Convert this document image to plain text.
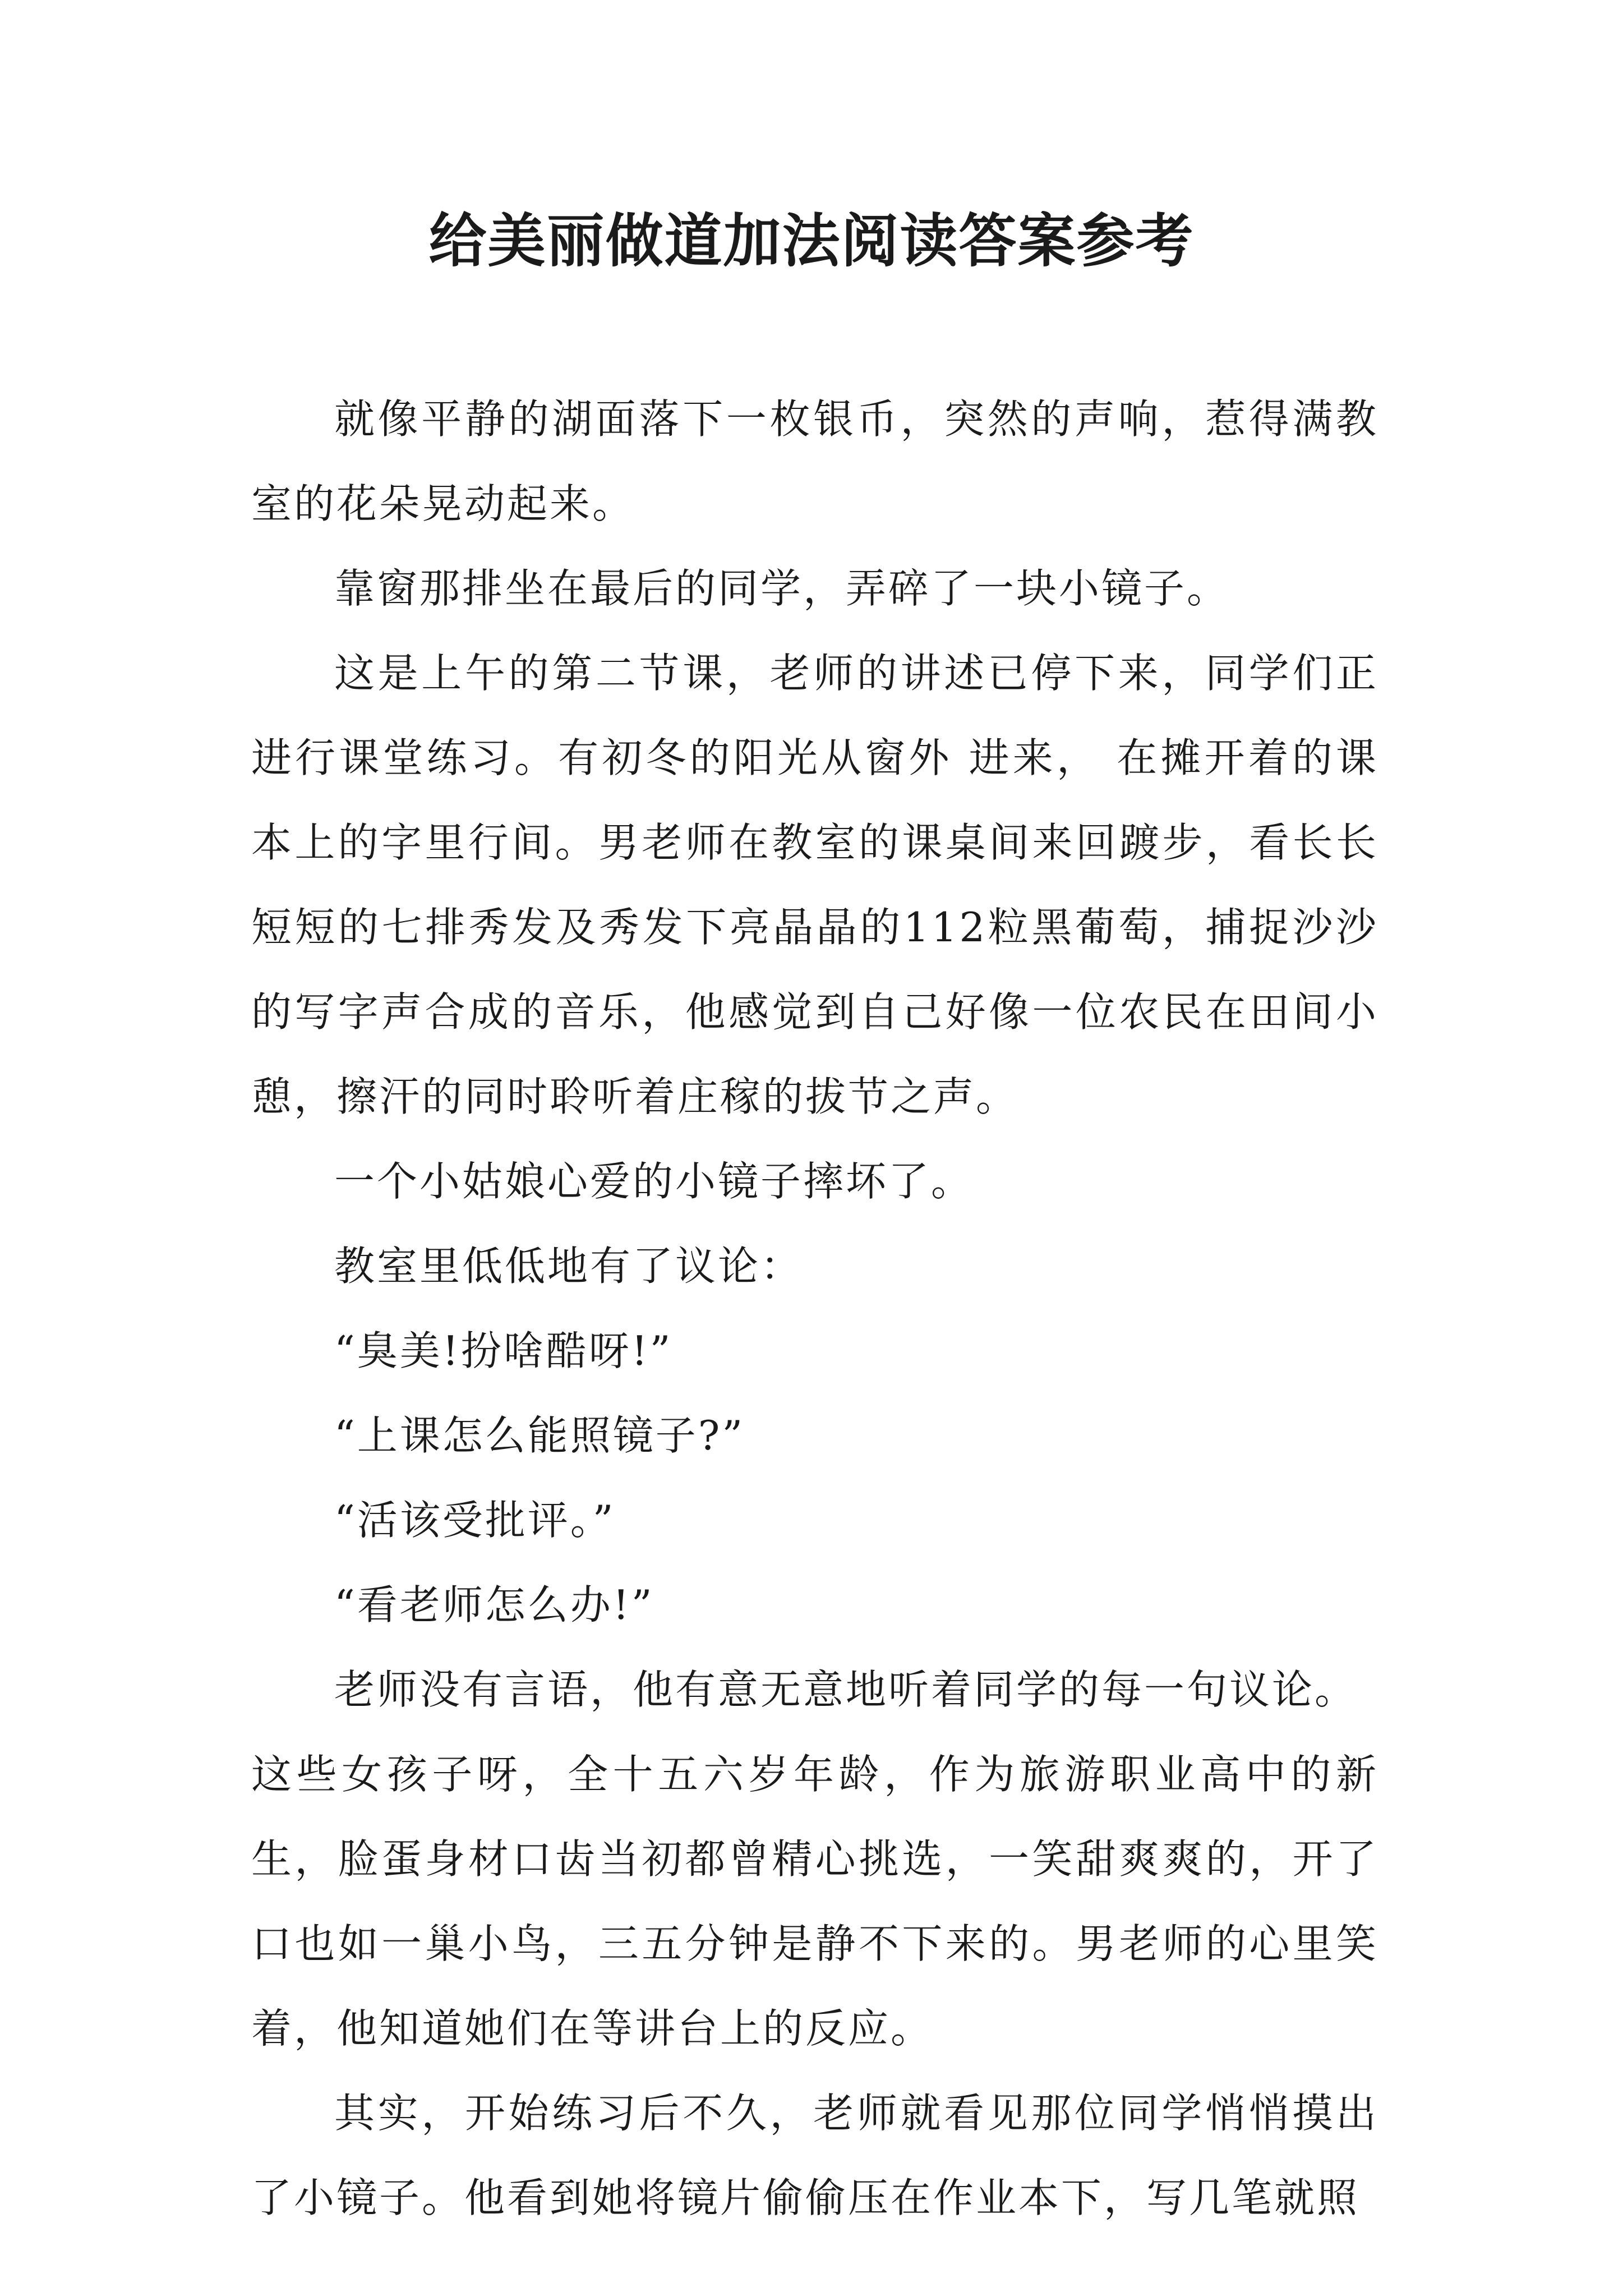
给美丽做道加法阅读答案参考

就像平静的湖面落下一枚银币，突然的声响，惹得满教室的花朵晃动起来。

靠窗那排坐在最后的同学，弄碎了一块小镜子。

这是上午的第二节课，老师的讲述已停下来，同学们正进行课堂练习。有初冬的阳光从窗外 进来， 在摊开着的课本上的字里行间。男老师在教室的课桌间来回踱步，看长长短短的七排秀发及秀发下亮晶晶的112粒黑葡萄，捕捉沙沙的写字声合成的音乐，他感觉到自己好像一位农民在田间小憩，擦汗的同时聆听着庄稼的拔节之声。

一个小姑娘心爱的小镜子摔坏了。

教室里低低地有了议论：

“臭美!扮啥酷呀!”

“上课怎么能照镜子?”

“活该受批评。”

“看老师怎么办!”

老师没有言语，他有意无意地听着同学的每一句议论。

这些女孩子呀，全十五六岁年龄，作为旅游职业高中的新生，脸蛋身材口齿当初都曾精心挑选，一笑甜爽爽的，开了口也如一巢小鸟，三五分钟是静不下来的。男老师的心里笑着，他知道她们在等讲台上的反应。

其实，开始练习后不久，老师就看见那位同学悄悄摸出了小镜子。他看到她将镜片偷偷压在作业本下，写几笔就照
